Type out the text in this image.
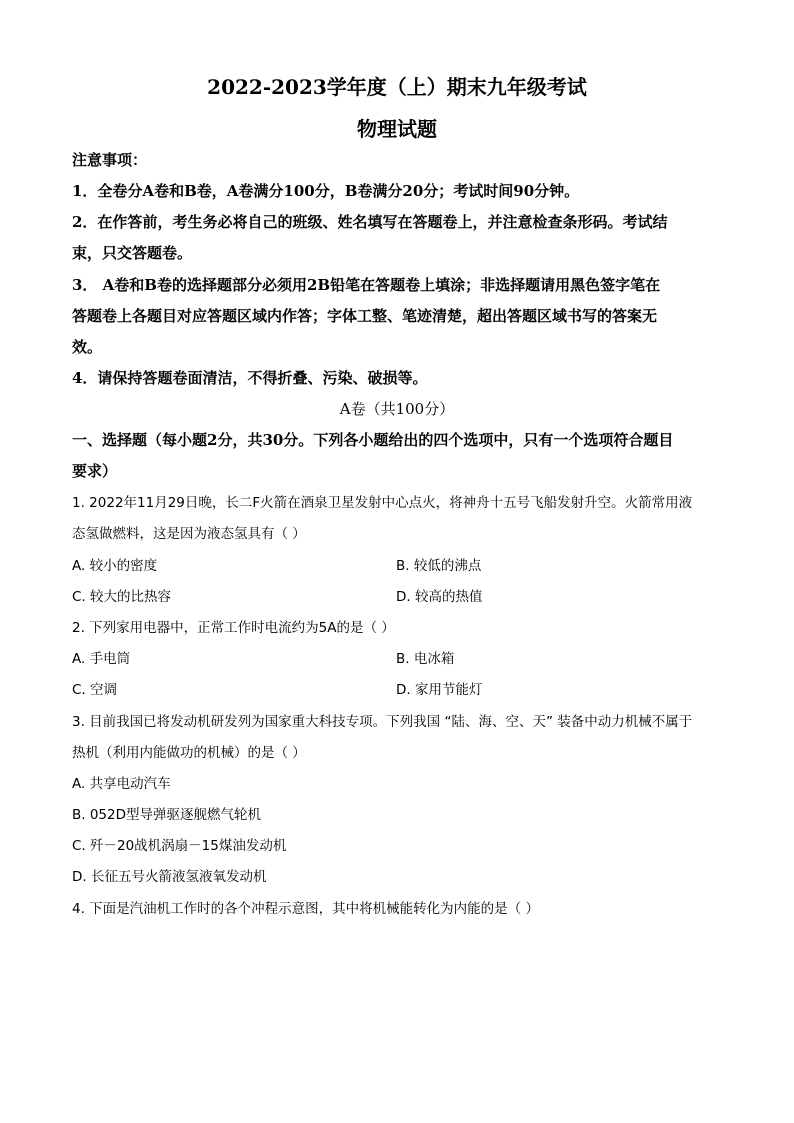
2022-2023学年度（上）期末九年级考试
物理试题

注意事项：

1．全卷分A卷和B卷，A卷满分100分，B卷满分20分；考试时间90分钟。

2．在作答前，考生务必将自己的班级、姓名填写在答题卷上，并注意检查条形码。考试结

束，只交答题卷。

3． A卷和B卷的选择题部分必须用2B铅笔在答题卷上填涂；非选择题请用黑色签字笔在

答题卷上各题目对应答题区域内作答；字体工整、笔迹清楚，超出答题区域书写的答案无

效。

4．请保持答题卷面清洁，不得折叠、污染、破损等。

A卷（共100分）

一、选择题（每小题2分，共30分。下列各小题给出的四个选项中，只有一个选项符合题目

要求）

1. 2022年11月29日晚，长二F火箭在酒泉卫星发射中心点火，将神舟十五号飞船发射升空。火箭常用液

态氢做燃料，这是因为液态氢具有（ ）

A. 较小的密度	B. 较低的沸点

C. 较大的比热容	D. 较高的热值

2. 下列家用电器中，正常工作时电流约为5A的是（ ）

A. 手电筒	B. 电冰箱

C. 空调	D. 家用节能灯

3. 目前我国已将发动机研发列为国家重大科技专项。下列我国 “陆、海、空、天” 装备中动力机械不属于

热机（利用内能做功的机械）的是（ ）

A. 共享电动汽车

B. 052D型导弹驱逐舰燃气轮机

C. 歼－20战机涡扇－15煤油发动机

D. 长征五号火箭液氢液氧发动机

4. 下面是汽油机工作时的各个冲程示意图，其中将机械能转化为内能的是（ ）
